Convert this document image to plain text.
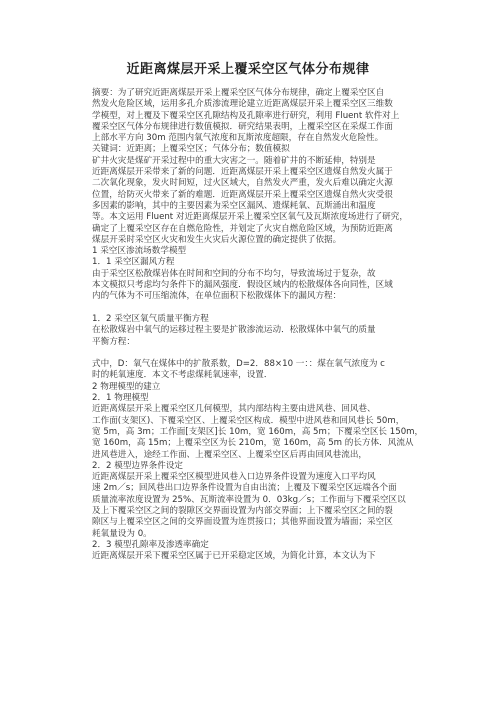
近距离煤层开采上覆采空区气体分布规律
摘要：为了研究近距离煤层开采上覆采空区气体分布规律，确定上覆采空区自
然发火危险区域，运用多孔介质渗流理论建立近距离煤层开采上覆采空区三维数
学模型，对上覆及下覆采空区孔隙结构及孔隙率进行研究，利用 Fluent 软件对上
覆采空区气体分布规律进行数值模拟．研究结果表明，上覆采空区在采煤工作面
上部水平方向 30m 范围内氧气浓度和瓦斯浓度超限，存在自然发火危险性。
关键词：近距离；上覆采空区；气体分布；数值模拟
矿井火灾是煤矿开采过程中的重大灾害之一。随着矿井的不断延伸，特别是
近距离煤层开采带来了新的问题．近距离煤层开采上覆采空区遗煤自然发火属于
二次氧化现象，发火时间短，过火区域大，自然发火严重，发火后难以确定火源
位置，给防灭火带来了新的难题．近距离煤层开采上覆采空区遗煤自然火灾受很
多因素的影响，其中的主要因素为采空区漏风、遗煤耗氧、瓦斯涌出和温度
等。本文运用 Fluent 对近距离煤层开采上覆采空区氧气及瓦斯浓度场进行了研究，
确定了上覆采空区存在自燃危险性，并划定了火灾自燃危险区域，为预防近距离
煤层开采时采空区火灾和发生火灾后火源位置的确定提供了依据。
1 采空区渗流场数学模型
1．1 采空区漏风方程
由于采空区松散煤岩体在时间和空间的分布不均匀，导致流场过于复杂，故
本文模拟只考虑均匀条件下的漏风强度．假设区域内的松散煤体各向同性，区域
内的气体为不可压缩流体，在单位面积下松散煤体下的漏风方程：
1．2 采空区氧气质量平衡方程
在松散煤岩中氧气的运移过程主要是扩散渗流运动．松散煤体中氧气的质量
平衡方程：
式中，D：氧气在煤体中的扩散系数，D=2．88×10 一：：煤在氧气浓度为 c
时的耗氧速度．本文不考虑煤耗氧速率，设置．
2 物理模型的建立
2．1 物理模型
近距离煤层开采上覆采空区几何模型，其内部结构主要由进风巷、回风巷、
工作面(支架区)、下覆采空区、上覆采空区构成．模型中进风巷和回风巷长 50m，
宽 5m，高 3m；工作面[支架区]长 10m，宽 160m，高 5m；下覆采空区长 150m，
宽 160m，高 15m；上覆采空区为长 210m，宽 160m，高 5m 的长方体．风流从
进风巷进入，途经工作面、上覆采空区、上覆采空区后再由回风巷流出，
2．2 模型边界条件设定
近距离煤层开采上覆采空区模型进风巷入口边界条件设置为速度入口平均风
速 2m／s；回风巷出口边界条件设置为自由出流；上覆及下覆采空区远端各个面
质量流率浓度设置为 25%、瓦斯流率设置为 0．03kg／s；工作面与下覆采空区以
及上下覆采空区之间的裂隙区交界面设置为内部交界面；上下覆采空区之间的裂
隙区与上覆采空区之间的交界面设置为连贯接口；其他界面设置为墙面；采空区
耗氧量设为 0。
2．3 模型孔隙率及渗透率确定
近距离煤层开采下覆采空区属于已开采稳定区域，为简化计算，本文认为下
